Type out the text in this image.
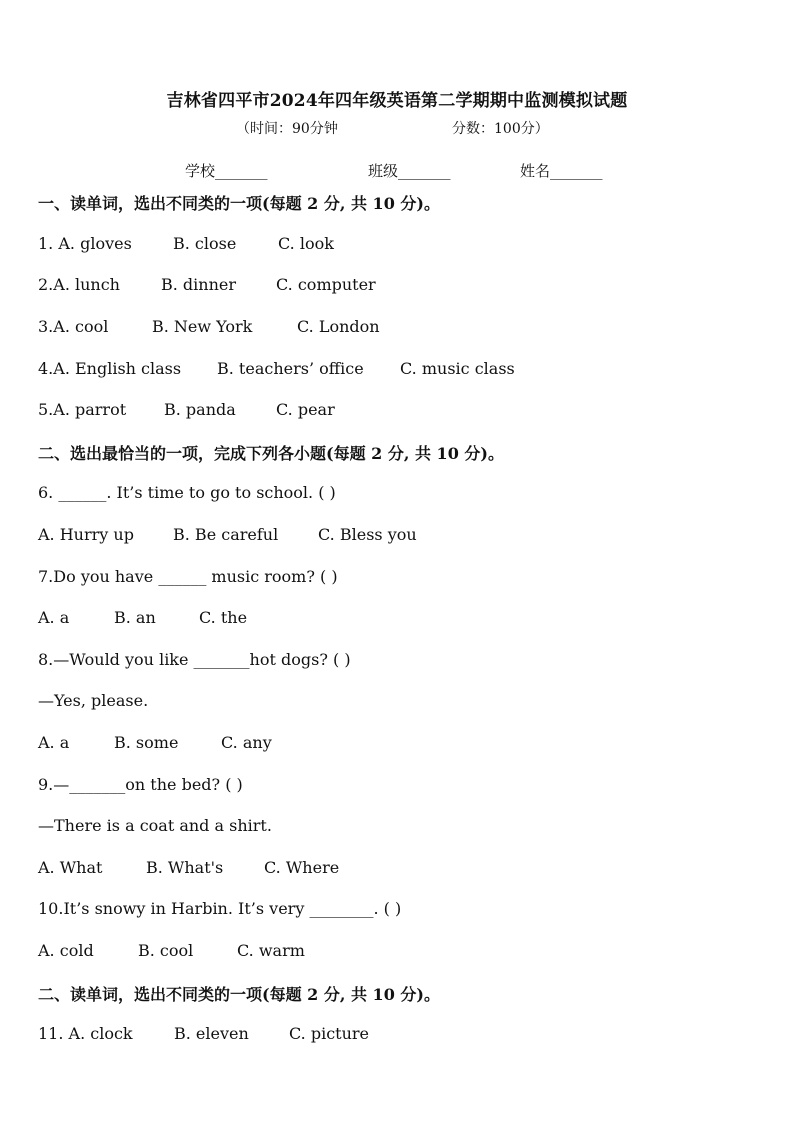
吉林省四平市2024年四年级英语第二学期期中监测模拟试题
（时间：90分钟	分数：100分）
学校_______	班级_______	姓名_______
一、读单词，选出不同类的一项(每题 2 分, 共 10 分)。
1. A. gloves	B. close	C. look
2.A. lunch	B. dinner C. computer
3.A. cool	B. New York	C. London
4.A. English class B. teachers’ office C. music class
5.A. parrot B. panda	C. pear
二、选出最恰当的一项，完成下列各小题(每题 2 分, 共 10 分)。
6. ______. It’s time to go to school. ( )
A. Hurry up B. Be careful C. Bless you
7.Do you have ______ music room? ( )
A. a	B. an	C. the
8.—Would you like _______hot dogs? ( )
—Yes, please.
A. a	B. some	C. any
9.—_______on the bed? ( )
—There is a coat and a shirt.
A. What	B. What's	C. Where
10.It’s snowy in Harbin. It’s very ________. ( )
A. cold	B. cool	C. warm
二、读单词，选出不同类的一项(每题 2 分, 共 10 分)。
11. A. clock	B. eleven	C. picture
